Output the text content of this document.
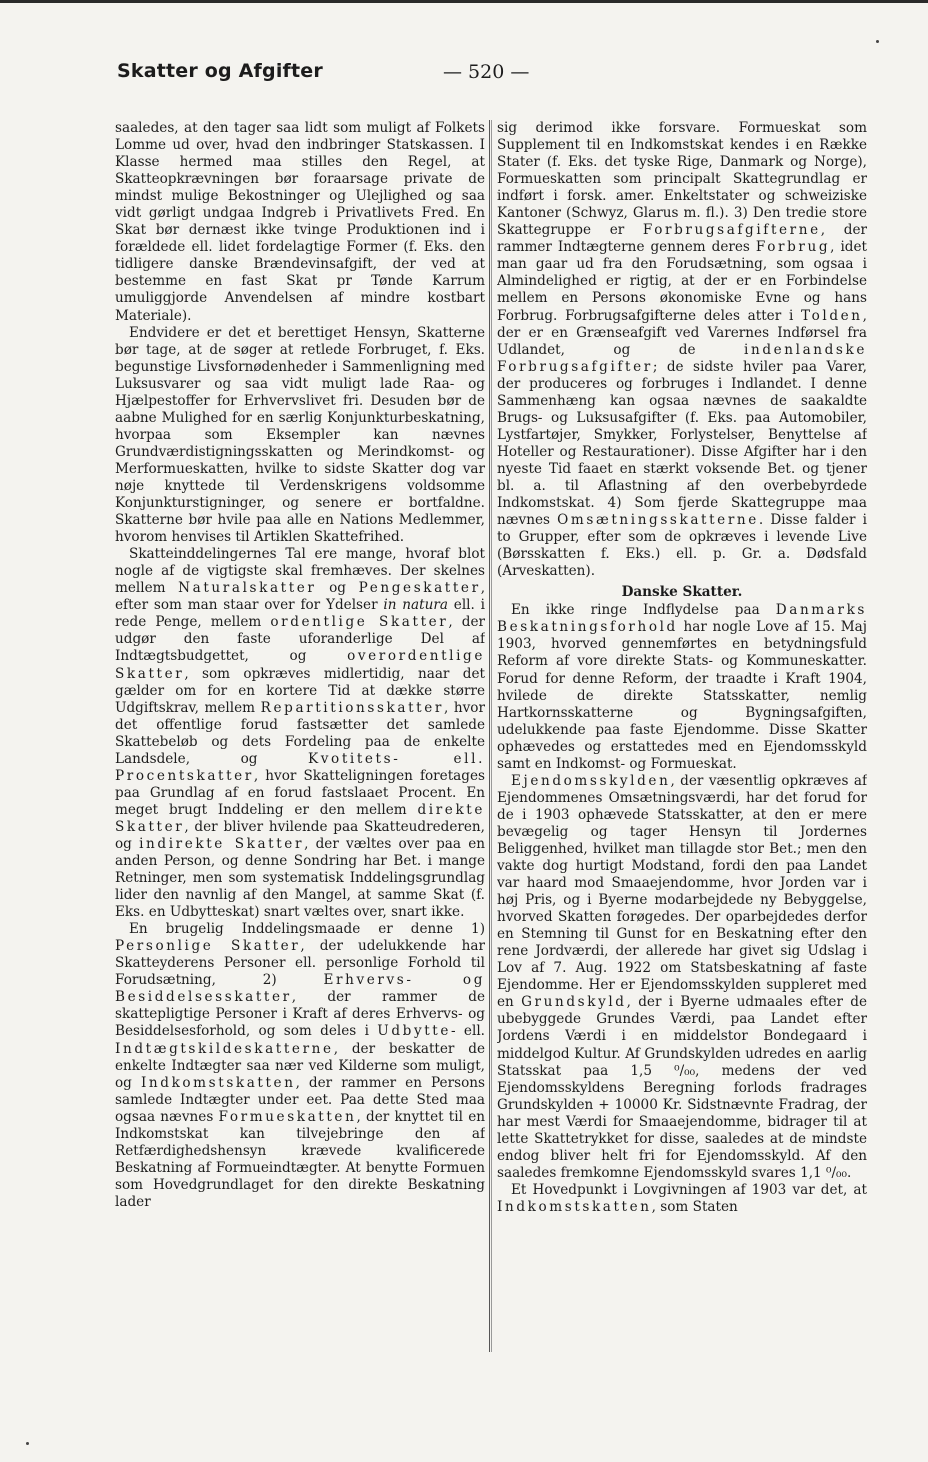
Skatter og Afgifter	— 520 —

saaledes, at den tager saa lidt som muligt af Folkets Lomme ud over, hvad den indbringer Statskassen. I Klasse hermed maa stilles den Regel, at Skatteopkrævningen bør foraarsage private de mindst mulige Bekostninger og Ulejlighed og saa vidt gørligt undgaa Indgreb i Privatlivets Fred. En Skat bør dernæst ikke tvinge Produktionen ind i forældede ell. lidet fordelagtige Former (f. Eks. den tidligere danske Brændevinsafgift, der ved at bestemme en fast Skat pr Tønde Karrum umuliggjorde Anvendelsen af mindre kostbart Materiale).

Endvidere er det et berettiget Hensyn, Skatterne bør tage, at de søger at retlede Forbruget, f. Eks. begunstige Livsfornødenheder i Sammenligning med Luksusvarer og saa vidt muligt lade Raa- og Hjælpestoffer for Erhvervslivet fri. Desuden bør de aabne Mulighed for en særlig Konjunkturbeskatning, hvorpaa som Eksempler kan nævnes Grundværdistigningsskatten og Merindkomst- og Merformueskatten, hvilke to sidste Skatter dog var nøje knyttede til Verdenskrigens voldsomme Konjunkturstigninger, og senere er bortfaldne. Skatterne bør hvile paa alle en Nations Medlemmer, hvorom henvises til Artiklen Skattefrihed.

Skatteinddelingernes Tal ere mange, hvoraf blot nogle af de vigtigste skal fremhæves. Der skelnes mellem Naturalskatter og Pengeskatter, efter som man staar over for Ydelser in natura ell. i rede Penge, mellem ordentlige Skatter, der udgør den faste uforanderlige Del af Indtægtsbudgettet, og overordentlige Skatter, som opkræves midlertidig, naar det gælder om for en kortere Tid at dække større Udgiftskrav, mellem Repartitionsskatter, hvor det offentlige forud fastsætter det samlede Skattebeløb og dets Fordeling paa de enkelte Landsdele, og Kvotitets- ell. Procentskatter, hvor Skatteligningen foretages paa Grundlag af en forud fastslaaet Procent. En meget brugt Inddeling er den mellem direkte Skatter, der bliver hvilende paa Skatteudrederen, og indirekte Skatter, der væltes over paa en anden Person, og denne Sondring har Bet. i mange Retninger, men som systematisk Inddelingsgrundlag lider den navnlig af den Mangel, at samme Skat (f. Eks. en Udbytteskat) snart væltes over, snart ikke.

En brugelig Inddelingsmaade er denne 1) Personlige Skatter, der udelukkende har Skatteyderens Personer ell. personlige Forhold til Forudsætning, 2) Erhvervs- og Besiddelsesskatter, der rammer de skattepligtige Personer i Kraft af deres Erhvervs- og Besiddelsesforhold, og som deles i Udbytte- ell. Indtægtskildeskatterne, der beskatter de enkelte Indtægter saa nær ved Kilderne som muligt, og Indkomstskatten, der rammer en Persons samlede Indtægter under eet. Paa dette Sted maa ogsaa nævnes Formueskatten, der knyttet til en Indkomstskat kan tilvejebringe den af Retfærdighedshensyn krævede kvalificerede Beskatning af Formueindtægter. At benytte Formuen som Hovedgrundlaget for den direkte Beskatning lader

sig derimod ikke forsvare. Formueskat som Supplement til en Indkomstskat kendes i en Række Stater (f. Eks. det tyske Rige, Danmark og Norge), Formueskatten som principalt Skattegrundlag er indført i forsk. amer. Enkeltstater og schweiziske Kantoner (Schwyz, Glarus m. fl.). 3) Den tredie store Skattegruppe er Forbrugsafgifterne, der rammer Indtægterne gennem deres Forbrug, idet man gaar ud fra den Forudsætning, som ogsaa i Almindelighed er rigtig, at der er en Forbindelse mellem en Persons økonomiske Evne og hans Forbrug. Forbrugsafgifterne deles atter i Tolden, der er en Grænseafgift ved Varernes Indførsel fra Udlandet, og de indenlandske Forbrugsafgifter; de sidste hviler paa Varer, der produceres og forbruges i Indlandet. I denne Sammenhæng kan ogsaa nævnes de saakaldte Brugs- og Luksusafgifter (f. Eks. paa Automobiler, Lystfartøjer, Smykker, Forlystelser, Benyttelse af Hoteller og Restaurationer). Disse Afgifter har i den nyeste Tid faaet en stærkt voksende Bet. og tjener bl. a. til Aflastning af den overbebyrdede Indkomstskat. 4) Som fjerde Skattegruppe maa nævnes Omsætningsskatterne. Disse falder i to Grupper, efter som de opkræves i levende Live (Børsskatten f. Eks.) ell. p. Gr. a. Dødsfald (Arveskatten).

Danske Skatter.

En ikke ringe Indflydelse paa Danmarks Beskatningsforhold har nogle Love af 15. Maj 1903, hvorved gennemførtes en betydningsfuld Reform af vore direkte Stats- og Kommuneskatter. Forud for denne Reform, der traadte i Kraft 1904, hvilede de direkte Statsskatter, nemlig Hartkornsskatterne og Bygningsafgiften, udelukkende paa faste Ejendomme. Disse Skatter ophævedes og erstattedes med en Ejendomsskyld samt en Indkomst- og Formueskat.

Ejendomsskylden, der væsentlig opkræves af Ejendommenes Omsætningsværdi, har det forud for de i 1903 ophævede Statsskatter, at den er mere bevægelig og tager Hensyn til Jordernes Beliggenhed, hvilket man tillagde stor Bet.; men den vakte dog hurtigt Modstand, fordi den paa Landet var haard mod Smaaejendomme, hvor Jorden var i høj Pris, og i Byerne modarbejdede ny Bebyggelse, hvorved Skatten forøgedes. Der oparbejdedes derfor en Stemning til Gunst for en Beskatning efter den rene Jordværdi, der allerede har givet sig Udslag i Lov af 7. Aug. 1922 om Statsbeskatning af faste Ejendomme. Her er Ejendomsskylden suppleret med en Grundskyld, der i Byerne udmaales efter de ubebyggede Grundes Værdi, paa Landet efter Jordens Værdi i en middelstor Bondegaard i middelgod Kultur. Af Grundskylden udredes en aarlig Statsskat paa 1,5 ⁰/₀₀, medens der ved Ejendomsskyldens Beregning forlods fradrages Grundskylden + 10000 Kr. Sidstnævnte Fradrag, der har mest Værdi for Smaaejendomme, bidrager til at lette Skattetrykket for disse, saaledes at de mindste endog bliver helt fri for Ejendomsskyld. Af den saaledes fremkomne Ejendomsskyld svares 1,1 ⁰/₀₀.

Et Hovedpunkt i Lovgivningen af 1903 var det, at Indkomstskatten, som Staten
